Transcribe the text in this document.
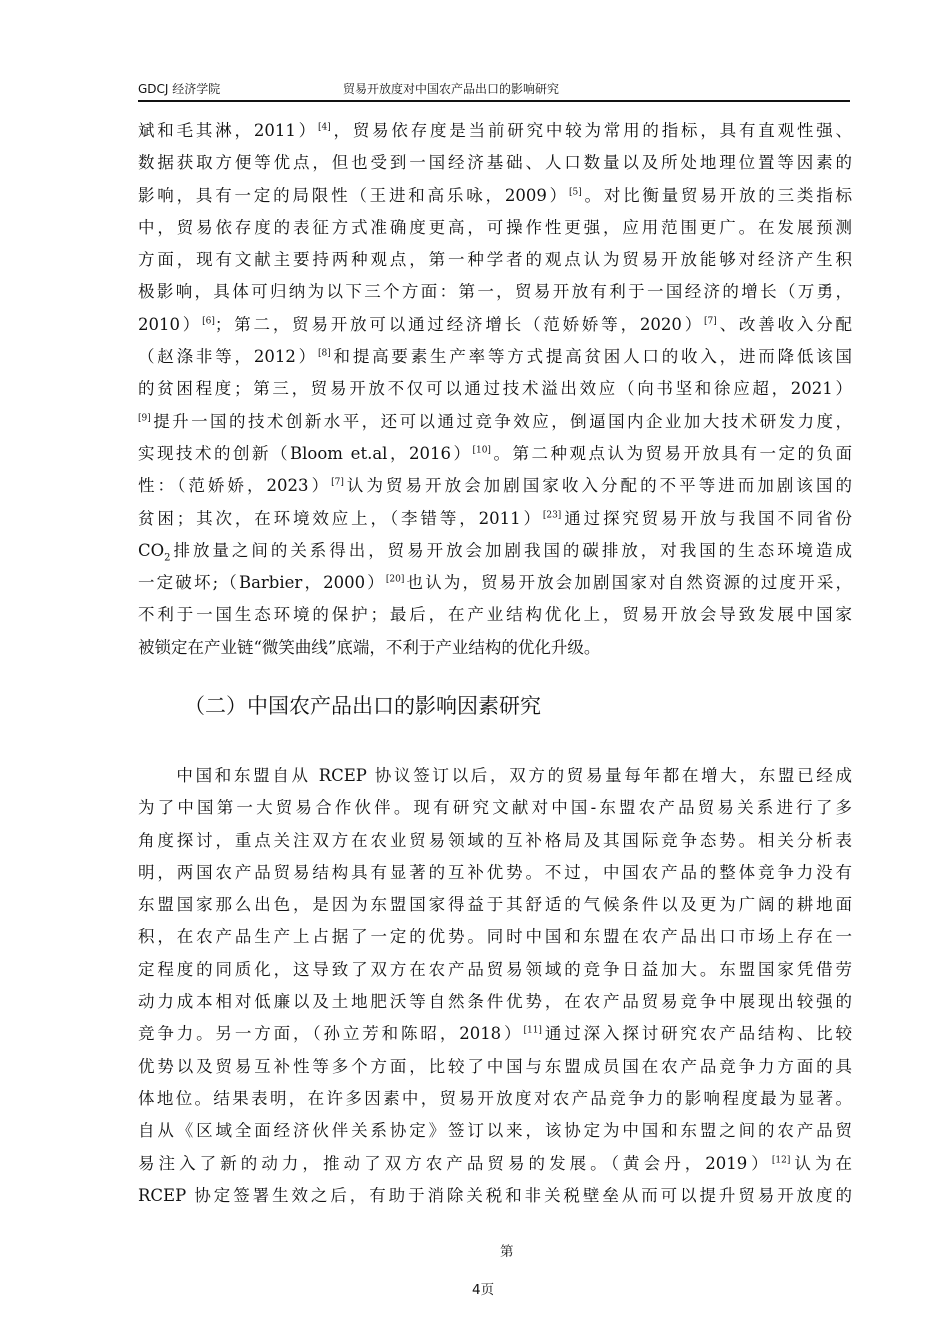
GDCJ 经济学院	贸易开放度对中国农产品出口的影响研究
斌和毛其淋，2011）[4]，贸易依存度是当前研究中较为常用的指标，具有直观性强、
数据获取方便等优点，但也受到一国经济基础、人口数量以及所处地理位置等因素的
影响，具有一定的局限性（王进和高乐咏，2009）[5]。对比衡量贸易开放的三类指标
中，贸易依存度的表征方式准确度更高，可操作性更强，应用范围更广。在发展预测
方面，现有文献主要持两种观点，第一种学者的观点认为贸易开放能够对经济产生积
极影响，具体可归纳为以下三个方面：第一，贸易开放有利于一国经济的增长（万勇，
2010）[6]；第二，贸易开放可以通过经济增长（范娇娇等，2020）[7]、改善收入分配
（赵涤非等，2012）[8]和提高要素生产率等方式提高贫困人口的收入，进而降低该国
的贫困程度；第三，贸易开放不仅可以通过技术溢出效应（向书坚和徐应超，2021）
[9]提升一国的技术创新水平，还可以通过竞争效应，倒逼国内企业加大技术研发力度，
实现技术的创新（Bloom et.al，2016）[10]。第二种观点认为贸易开放具有一定的负面
性：（范娇娇，2023）[7]认为贸易开放会加剧国家收入分配的不平等进而加剧该国的
贫困；其次，在环境效应上，（李错等，2011）[23]通过探究贸易开放与我国不同省份
$CO_2$排放量之间的关系得出，贸易开放会加剧我国的碳排放，对我国的生态环境造成
一定破坏;（Barbier，2000）[20]也认为，贸易开放会加剧国家对自然资源的过度开采，
不利于一国生态环境的保护；最后，在产业结构优化上，贸易开放会导致发展中国家
被锁定在产业链“微笑曲线”底端，不利于产业结构的优化升级。
（二）中国农产品出口的影响因素研究
　　中国和东盟自从 RCEP 协议签订以后，双方的贸易量每年都在增大，东盟已经成
为了中国第一大贸易合作伙伴。现有研究文献对中国-东盟农产品贸易关系进行了多
角度探讨，重点关注双方在农业贸易领域的互补格局及其国际竞争态势。相关分析表
明，两国农产品贸易结构具有显著的互补优势。不过，中国农产品的整体竞争力没有
东盟国家那么出色，是因为东盟国家得益于其舒适的气候条件以及更为广阔的耕地面
积，在农产品生产上占据了一定的优势。同时中国和东盟在农产品出口市场上存在一
定程度的同质化，这导致了双方在农产品贸易领域的竞争日益加大。东盟国家凭借劳
动力成本相对低廉以及土地肥沃等自然条件优势，在农产品贸易竞争中展现出较强的
竞争力。另一方面，（孙立芳和陈昭，2018）[11]通过深入探讨研究农产品结构、比较
优势以及贸易互补性等多个方面，比较了中国与东盟成员国在农产品竞争力方面的具
体地位。结果表明，在许多因素中，贸易开放度对农产品竞争力的影响程度最为显著。
自从《区域全面经济伙伴关系协定》签订以来，该协定为中国和东盟之间的农产品贸
易注入了新的动力，推动了双方农产品贸易的发展。（黄会丹，2019）[12]认为在
RCEP 协定签署生效之后，有助于消除关税和非关税壁垒从而可以提升贸易开放度的
第
4页
